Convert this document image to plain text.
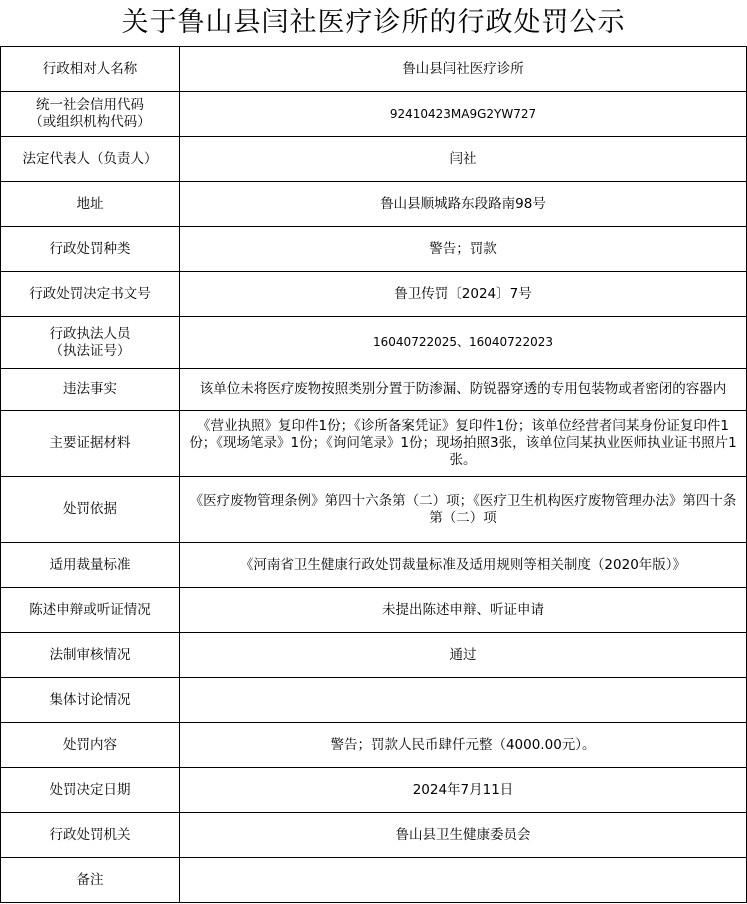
关于鲁山县闫社医疗诊所的行政处罚公示
行政相对人名称	鲁山县闫社医疗诊所
统一社会信用代码
（或组织机构代码）	92410423MA9G2YW727
法定代表人（负责人）	闫社
地址	鲁山县顺城路东段路南98号
行政处罚种类	警告；罚款
行政处罚决定书文号	鲁卫传罚〔2024〕7号
行政执法人员
（执法证号）	16040722025、16040722023
违法事实	该单位未将医疗废物按照类别分置于防渗漏、防锐器穿透的专用包装物或者密闭的容器内
主要证据材料	《营业执照》复印件1份；《诊所备案凭证》复印件1份；该单位经营者闫某身份证复印件1份；《现场笔录》1份；《询问笔录》1份；现场拍照3张，该单位闫某执业医师执业证书照片1张。
处罚依据	《医疗废物管理条例》第四十六条第（二）项；《医疗卫生机构医疗废物管理办法》第四十条第（二）项
适用裁量标准	《河南省卫生健康行政处罚裁量标准及适用规则等相关制度（2020年版）》
陈述申辩或听证情况	未提出陈述申辩、听证申请
法制审核情况	通过
集体讨论情况	
处罚内容	警告；罚款人民币肆仟元整（4000.00元）。
处罚决定日期	2024年7月11日
行政处罚机关	鲁山县卫生健康委员会
备注	
